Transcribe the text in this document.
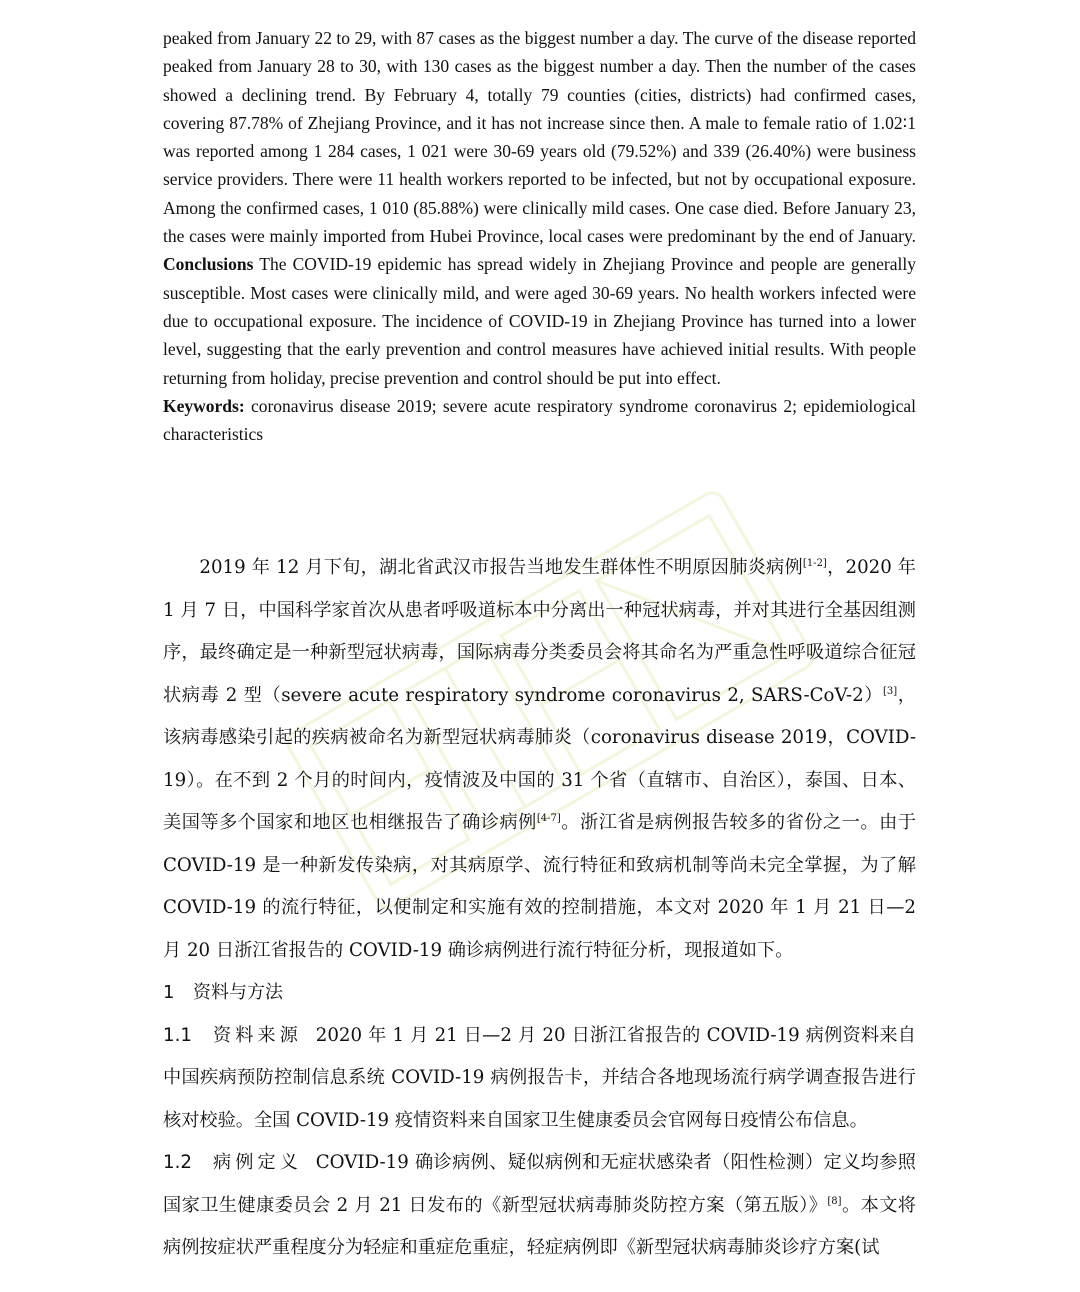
peaked from January 22 to 29, with 87 cases as the biggest number a day. The curve of the disease reported peaked from January 28 to 30, with 130 cases as the biggest number a day. Then the number of the cases showed a declining trend. By February 4, totally 79 counties (cities, districts) had confirmed cases, covering 87.78% of Zhejiang Province, and it has not increase since then. A male to female ratio of 1.02∶1 was reported among 1 284 cases, 1 021 were 30-69 years old (79.52%) and 339 (26.40%) were business service providers. There were 11 health workers reported to be infected, but not by occupational exposure. Among the confirmed cases, 1 010 (85.88%) were clinically mild cases. One case died. Before January 23, the cases were mainly imported from Hubei Province, local cases were predominant by the end of January. Conclusions The COVID-19 epidemic has spread widely in Zhejiang Province and people are generally susceptible. Most cases were clinically mild, and were aged 30-69 years. No health workers infected were due to occupational exposure. The incidence of COVID-19 in Zhejiang Province has turned into a lower level, suggesting that the early prevention and control measures have achieved initial results. With people returning from holiday, precise prevention and control should be put into effect.

Keywords: coronavirus disease 2019; severe acute respiratory syndrome coronavirus 2; epidemiological characteristics

2019 年 12 月下旬，湖北省武汉市报告当地发生群体性不明原因肺炎病例[1-2]，2020 年 1 月 7 日，中国科学家首次从患者呼吸道标本中分离出一种冠状病毒，并对其进行全基因组测序，最终确定是一种新型冠状病毒，国际病毒分类委员会将其命名为严重急性呼吸道综合征冠状病毒 2 型（severe acute respiratory syndrome coronavirus 2, SARS-CoV-2）[3]，该病毒感染引起的疾病被命名为新型冠状病毒肺炎（coronavirus disease 2019，COVID-19）。在不到 2 个月的时间内，疫情波及中国的 31 个省（直辖市、自治区），泰国、日本、美国等多个国家和地区也相继报告了确诊病例[4-7]。浙江省是病例报告较多的省份之一。由于 COVID-19 是一种新发传染病，对其病原学、流行特征和致病机制等尚未完全掌握，为了解 COVID-19 的流行特征，以便制定和实施有效的控制措施，本文对 2020 年 1 月 21 日—2 月 20 日浙江省报告的 COVID-19 确诊病例进行流行特征分析，现报道如下。

1 资料与方法

1.1 资料来源 2020 年 1 月 21 日—2 月 20 日浙江省报告的 COVID-19 病例资料来自中国疾病预防控制信息系统 COVID-19 病例报告卡，并结合各地现场流行病学调查报告进行核对校验。全国 COVID-19 疫情资料来自国家卫生健康委员会官网每日疫情公布信息。

1.2 病例定义 COVID-19 确诊病例、疑似病例和无症状感染者（阳性检测）定义均参照国家卫生健康委员会 2 月 21 日发布的《新型冠状病毒肺炎防控方案（第五版）》[8]。本文将病例按症状严重程度分为轻症和重症危重症，轻症病例即《新型冠状病毒肺炎诊疗方案(试
